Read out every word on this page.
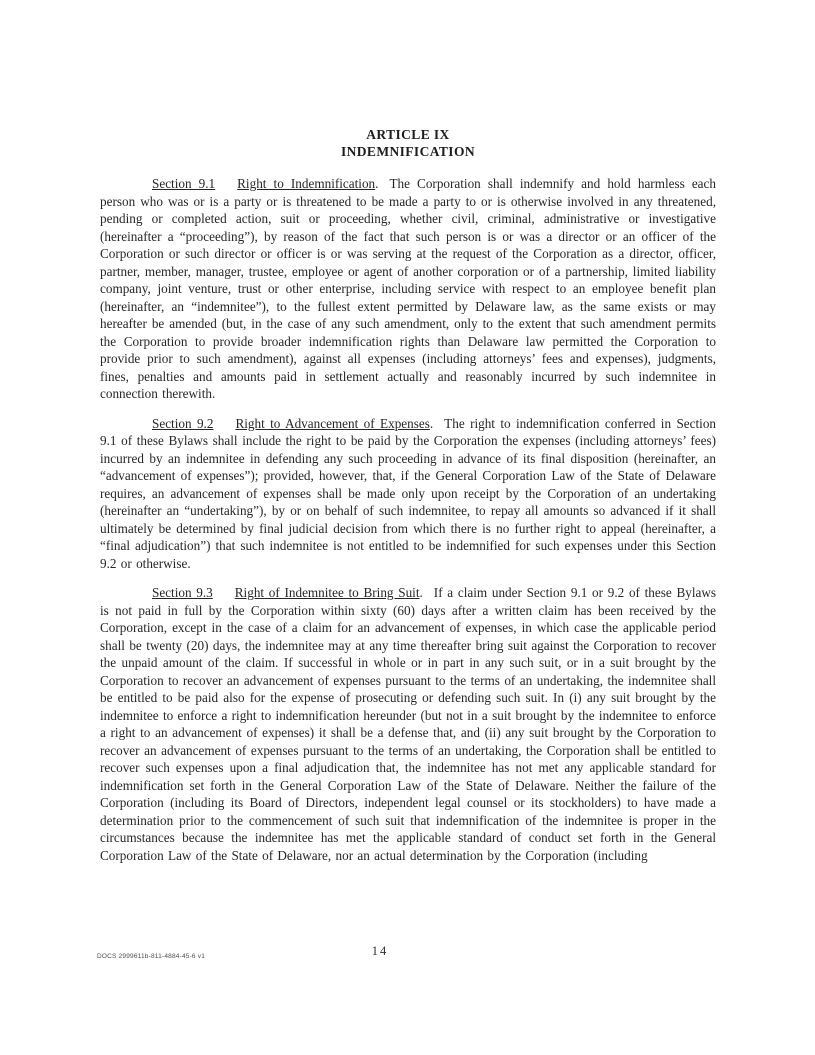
ARTICLE IX
INDEMNIFICATION

Section 9.1 Right to Indemnification. The Corporation shall indemnify and hold harmless each person who was or is a party or is threatened to be made a party to or is otherwise involved in any threatened, pending or completed action, suit or proceeding, whether civil, criminal, administrative or investigative (hereinafter a “proceeding”), by reason of the fact that such person is or was a director or an officer of the Corporation or such director or officer is or was serving at the request of the Corporation as a director, officer, partner, member, manager, trustee, employee or agent of another corporation or of a partnership, limited liability company, joint venture, trust or other enterprise, including service with respect to an employee benefit plan (hereinafter, an “indemnitee”), to the fullest extent permitted by Delaware law, as the same exists or may hereafter be amended (but, in the case of any such amendment, only to the extent that such amendment permits the Corporation to provide broader indemnification rights than Delaware law permitted the Corporation to provide prior to such amendment), against all expenses (including attorneys’ fees and expenses), judgments, fines, penalties and amounts paid in settlement actually and reasonably incurred by such indemnitee in connection therewith.

Section 9.2 Right to Advancement of Expenses. The right to indemnification conferred in Section 9.1 of these Bylaws shall include the right to be paid by the Corporation the expenses (including attorneys’ fees) incurred by an indemnitee in defending any such proceeding in advance of its final disposition (hereinafter, an “advancement of expenses”); provided, however, that, if the General Corporation Law of the State of Delaware requires, an advancement of expenses shall be made only upon receipt by the Corporation of an undertaking (hereinafter an “undertaking”), by or on behalf of such indemnitee, to repay all amounts so advanced if it shall ultimately be determined by final judicial decision from which there is no further right to appeal (hereinafter, a “final adjudication”) that such indemnitee is not entitled to be indemnified for such expenses under this Section 9.2 or otherwise.

Section 9.3 Right of Indemnitee to Bring Suit. If a claim under Section 9.1 or 9.2 of these Bylaws is not paid in full by the Corporation within sixty (60) days after a written claim has been received by the Corporation, except in the case of a claim for an advancement of expenses, in which case the applicable period shall be twenty (20) days, the indemnitee may at any time thereafter bring suit against the Corporation to recover the unpaid amount of the claim. If successful in whole or in part in any such suit, or in a suit brought by the Corporation to recover an advancement of expenses pursuant to the terms of an undertaking, the indemnitee shall be entitled to be paid also for the expense of prosecuting or defending such suit. In (i) any suit brought by the indemnitee to enforce a right to indemnification hereunder (but not in a suit brought by the indemnitee to enforce a right to an advancement of expenses) it shall be a defense that, and (ii) any suit brought by the Corporation to recover an advancement of expenses pursuant to the terms of an undertaking, the Corporation shall be entitled to recover such expenses upon a final adjudication that, the indemnitee has not met any applicable standard for indemnification set forth in the General Corporation Law of the State of Delaware. Neither the failure of the Corporation (including its Board of Directors, independent legal counsel or its stockholders) to have made a determination prior to the commencement of such suit that indemnification of the indemnitee is proper in the circumstances because the indemnitee has met the applicable standard of conduct set forth in the General Corporation Law of the State of Delaware, nor an actual determination by the Corporation (including

DOCS 2999611b-811-4884-45-6 v1	14
